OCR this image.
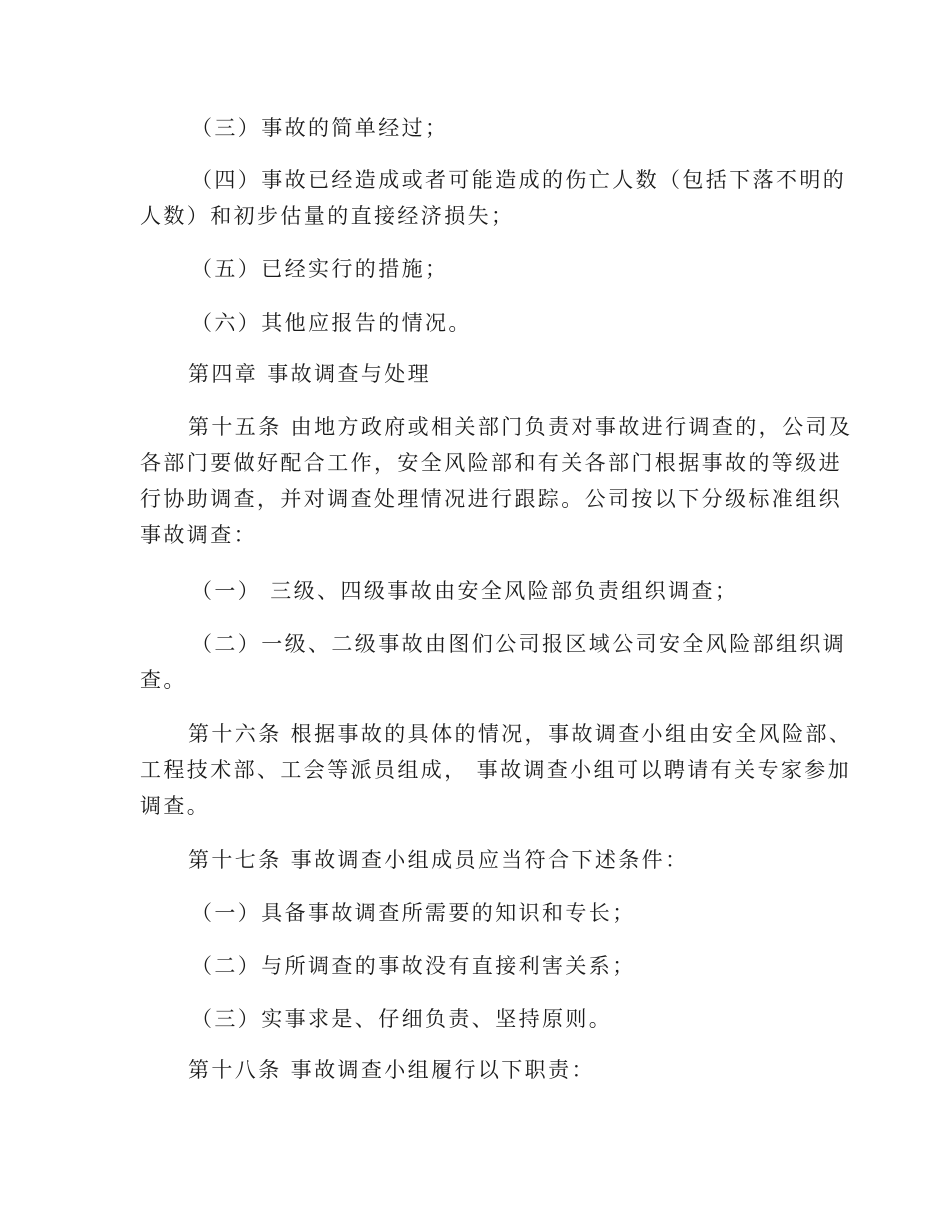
（三）事故的简单经过；

（四）事故已经造成或者可能造成的伤亡人数（包括下落不明的
人数）和初步估量的直接经济损失；

（五）已经实行的措施；

（六）其他应报告的情况。

第四章 事故调查与处理

第十五条 由地方政府或相关部门负责对事故进行调查的，公司及
各部门要做好配合工作，安全风险部和有关各部门根据事故的等级进
行协助调查，并对调查处理情况进行跟踪。公司按以下分级标准组织
事故调查：

（一） 三级、四级事故由安全风险部负责组织调查；

（二）一级、二级事故由图们公司报区域公司安全风险部组织调
查。

第十六条 根据事故的具体的情况，事故调查小组由安全风险部、
工程技术部、工会等派员组成， 事故调查小组可以聘请有关专家参加
调查。

第十七条 事故调查小组成员应当符合下述条件：

（一）具备事故调查所需要的知识和专长；

（二）与所调查的事故没有直接利害关系；

（三）实事求是、仔细负责、坚持原则。

第十八条 事故调查小组履行以下职责：
